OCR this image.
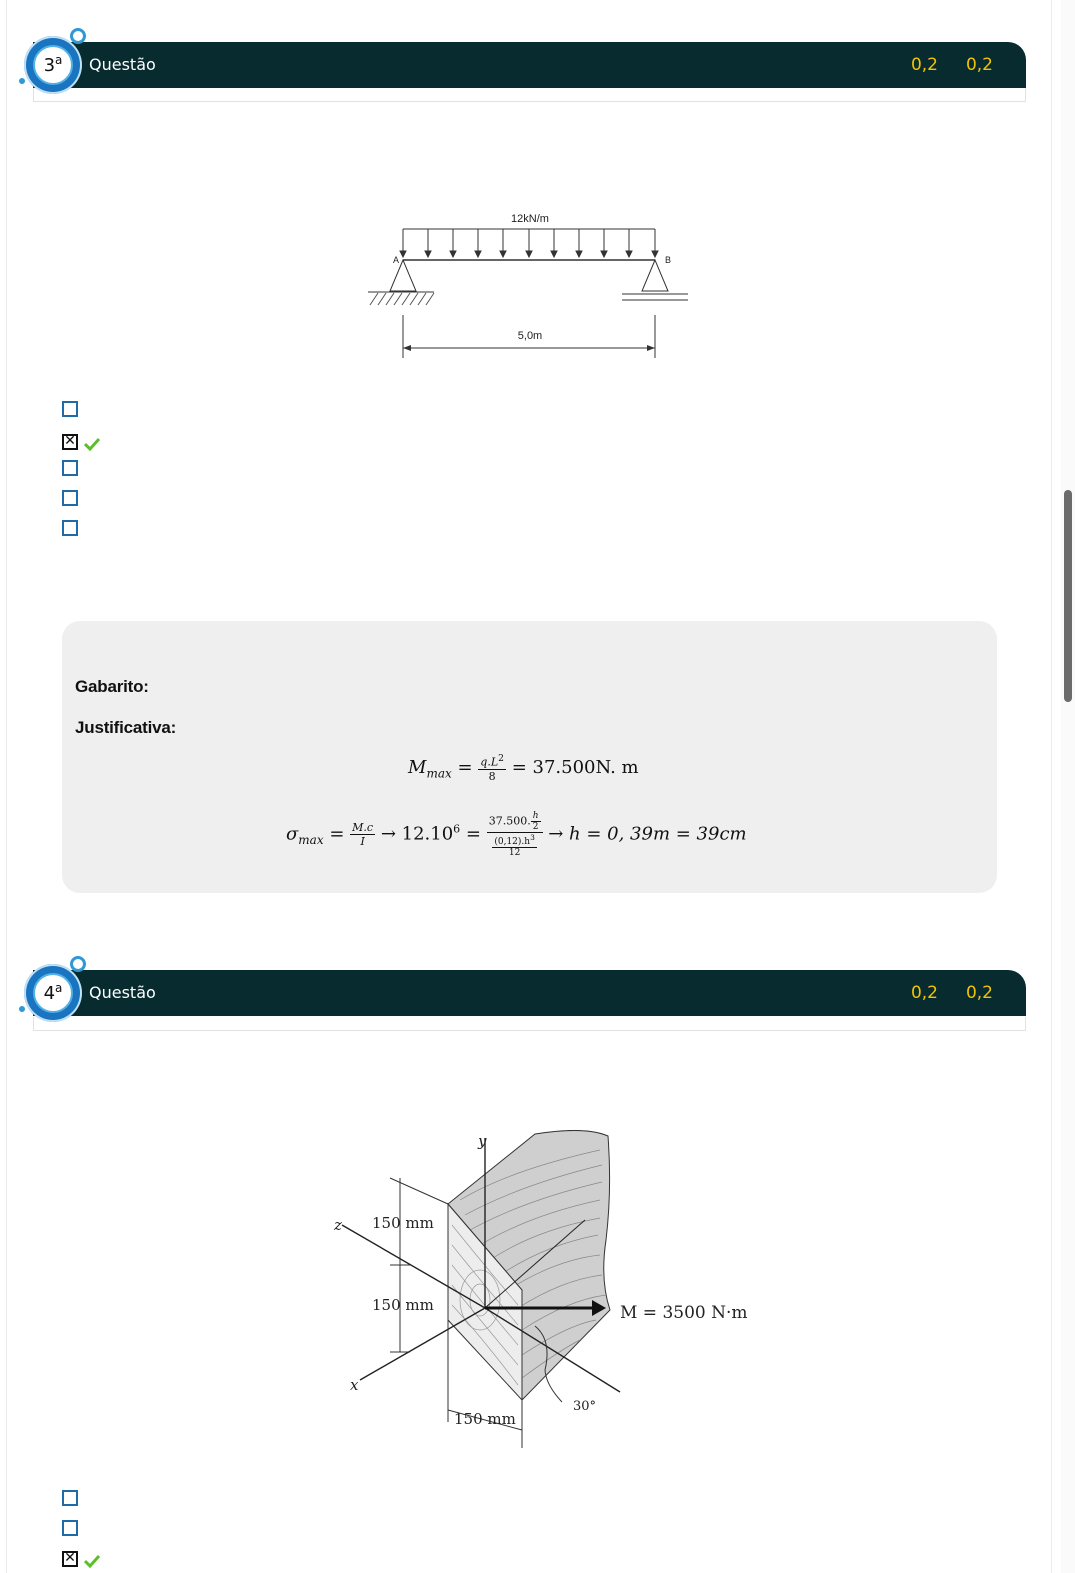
Questão	0,2 0,2
3$^a$
12kN/m
A	B
5,0m
✕
Gabarito:
Justificativa:
$M_{max} = \frac{q.L^2}{8} = 37.500N$. m
$\sigma_{max} = \frac{M.c}{I} \to 12.10^6 = \frac{37.500. \frac{h}{2}}{\frac{(0,12).h^3}{12}} \to h = 0$, 39m = 39cm
Questão	0,2 0,2
4$^a$
y
z
x
M = 3500 N·m
30°
150 mm
150 mm
150 mm
✕
